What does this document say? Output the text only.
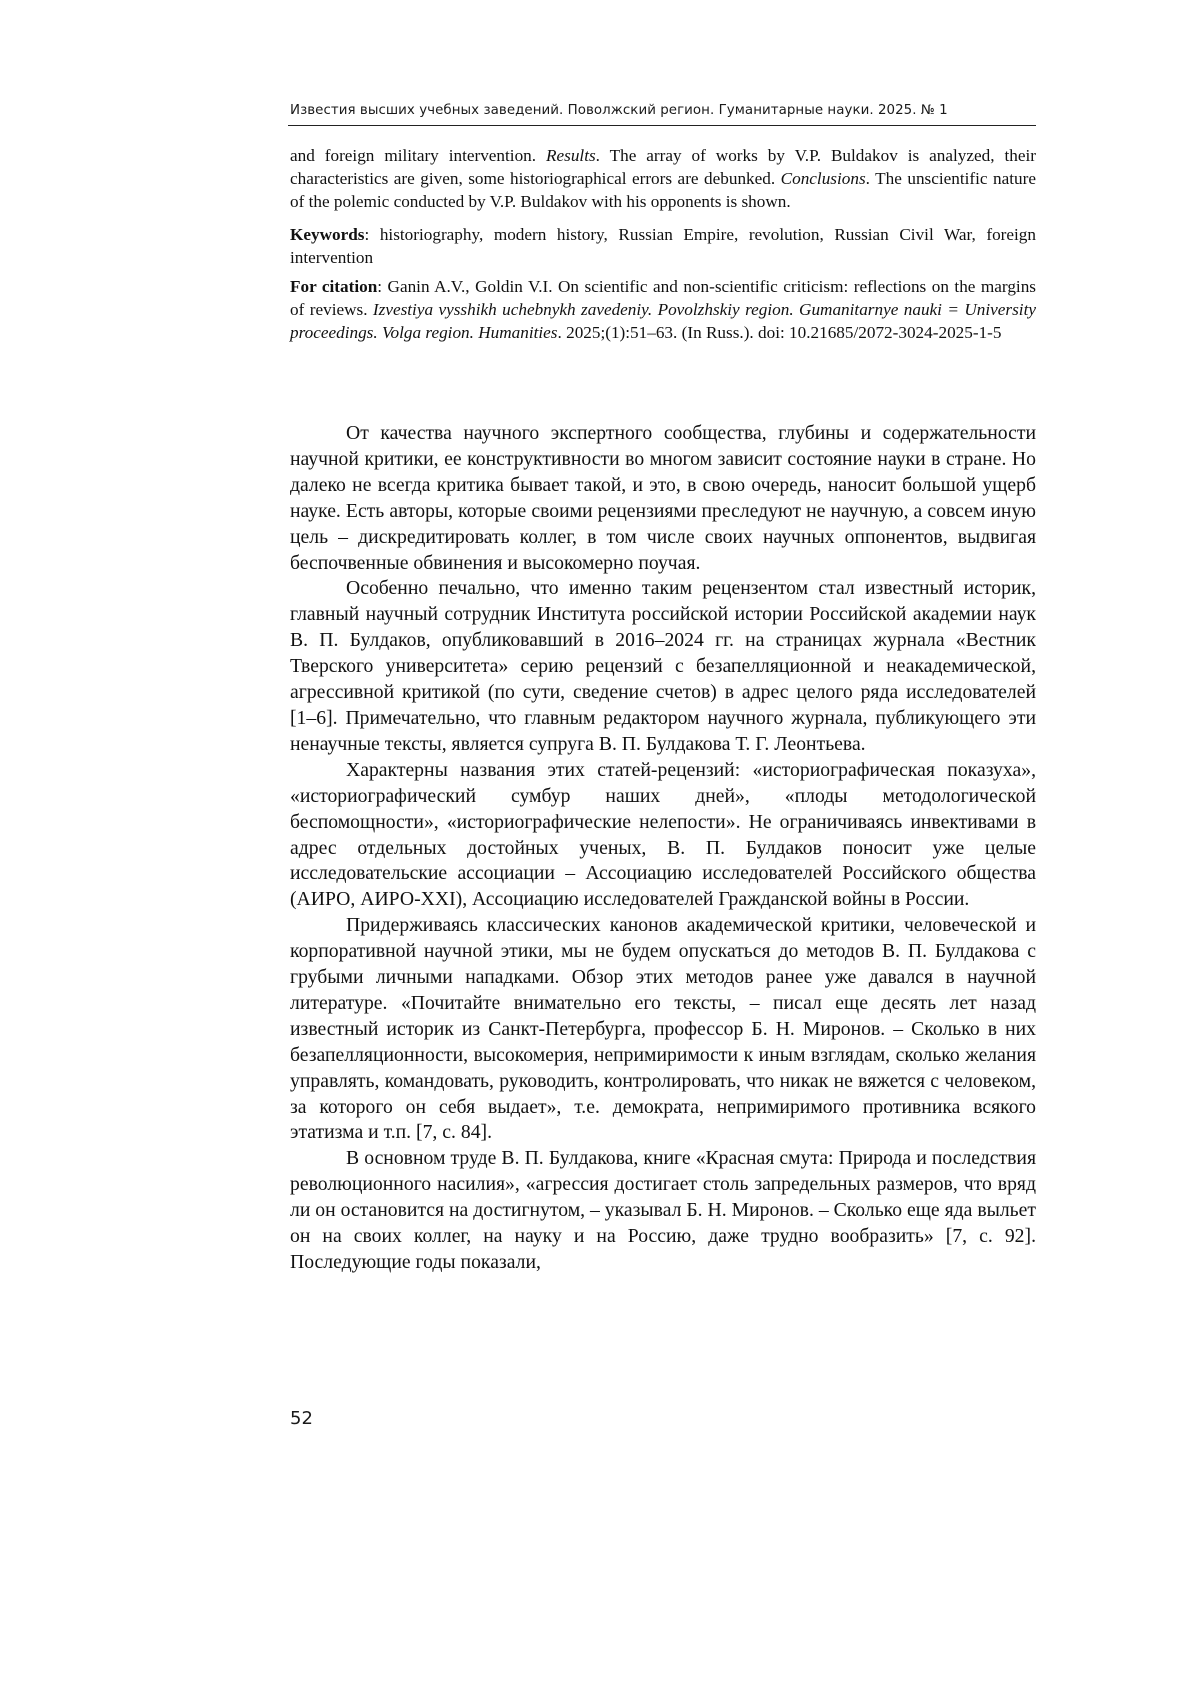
Известия высших учебных заведений. Поволжский регион. Гуманитарные науки. 2025. № 1

and foreign military intervention. Results. The array of works by V.P. Buldakov is analyzed, their characteristics are given, some historiographical errors are debunked. Conclusions. The unscientific nature of the polemic conducted by V.P. Buldakov with his opponents is shown.

Keywords: historiography, modern history, Russian Empire, revolution, Russian Civil War, foreign intervention

For citation: Ganin A.V., Goldin V.I. On scientific and non-scientific criticism: reflections on the margins of reviews. Izvestiya vysshikh uchebnykh zavedeniy. Povolzhskiy region. Gumanitarnye nauki = University proceedings. Volga region. Humanities. 2025;(1):51–63. (In Russ.). doi: 10.21685/2072-3024-2025-1-5

От качества научного экспертного сообщества, глубины и содержательности научной критики, ее конструктивности во многом зависит состояние науки в стране. Но далеко не всегда критика бывает такой, и это, в свою очередь, наносит большой ущерб науке. Есть авторы, которые своими рецензиями преследуют не научную, а совсем иную цель – дискредитировать коллег, в том числе своих научных оппонентов, выдвигая беспочвенные обвинения и высокомерно поучая.

Особенно печально, что именно таким рецензентом стал известный историк, главный научный сотрудник Института российской истории Российской академии наук В. П. Булдаков, опубликовавший в 2016–2024 гг. на страницах журнала «Вестник Тверского университета» серию рецензий с безапелляционной и неакадемической, агрессивной критикой (по сути, сведение счетов) в адрес целого ряда исследователей [1–6]. Примечательно, что главным редактором научного журнала, публикующего эти ненаучные тексты, является супруга В. П. Булдакова Т. Г. Леонтьева.

Характерны названия этих статей-рецензий: «историографическая показуха», «историографический сумбур наших дней», «плоды методологической беспомощности», «историографические нелепости». Не ограничиваясь инвективами в адрес отдельных достойных ученых, В. П. Булдаков поносит уже целые исследовательские ассоциации – Ассоциацию исследователей Российского общества (АИРО, АИРО-XXI), Ассоциацию исследователей Гражданской войны в России.

Придерживаясь классических канонов академической критики, человеческой и корпоративной научной этики, мы не будем опускаться до методов В. П. Булдакова с грубыми личными нападками. Обзор этих методов ранее уже давался в научной литературе. «Почитайте внимательно его тексты, – писал еще десять лет назад известный историк из Санкт-Петербурга, профессор Б. Н. Миронов. – Сколько в них безапелляционности, высокомерия, непримиримости к иным взглядам, сколько желания управлять, командовать, руководить, контролировать, что никак не вяжется с человеком, за которого он себя выдает», т.е. демократа, непримиримого противника всякого этатизма и т.п. [7, с. 84].

В основном труде В. П. Булдакова, книге «Красная смута: Природа и последствия революционного насилия», «агрессия достигает столь запредельных размеров, что вряд ли он остановится на достигнутом, – указывал Б. Н. Миронов. – Сколько еще яда выльет он на своих коллег, на науку и на Россию, даже трудно вообразить» [7, с. 92]. Последующие годы показали,

52
